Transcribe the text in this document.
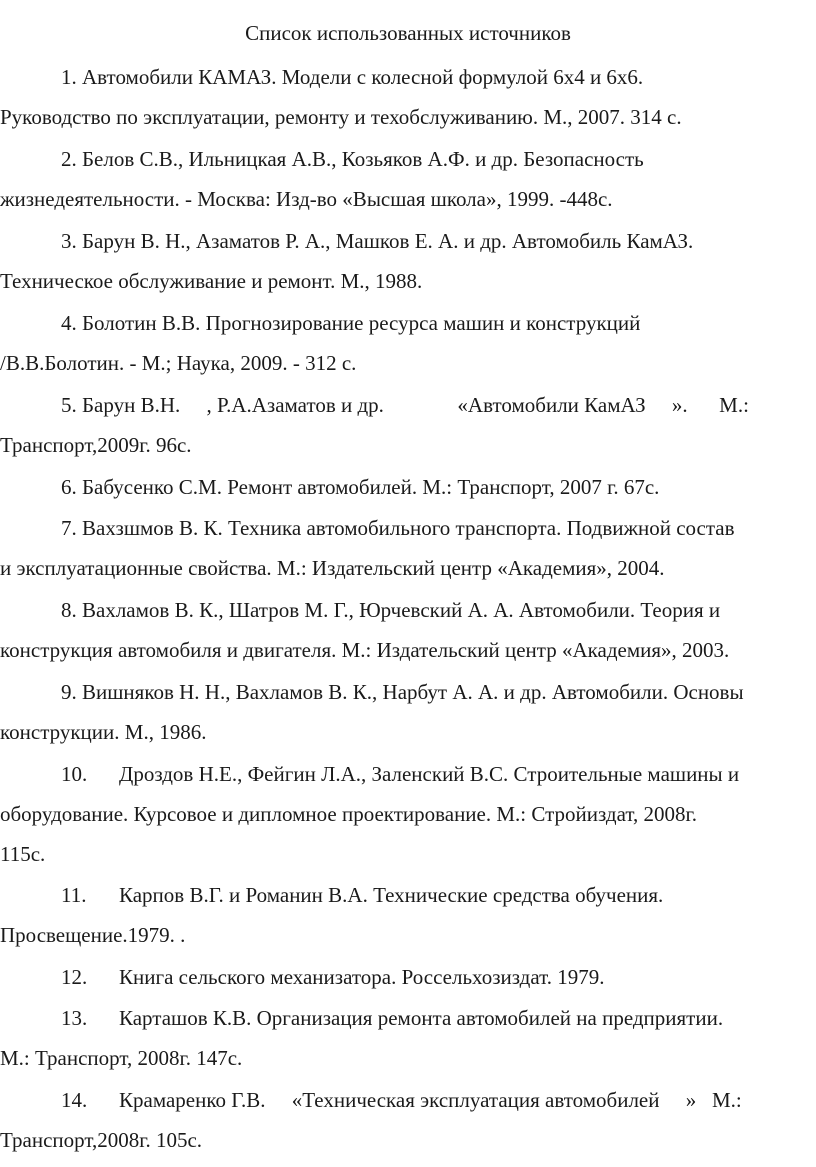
Список использованных источников
1. Автомобили КАМАЗ. Модели с колесной формулой 6х4 и 6х6.
Руководство по эксплуатации, ремонту и техобслуживанию. М., 2007. 314 с.
2. Белов С.В., Ильницкая А.В., Козьяков А.Ф. и др. Безопасность
жизнедеятельности. - Москва: Изд-во «Высшая школа», 1999. -448с.
3. Барун В. Н., Азаматов Р. А., Машков Е. А. и др. Автомобиль КамАЗ.
Техническое обслуживание и ремонт. М., 1988.
4. Болотин В.В. Прогнозирование ресурса машин и конструкций
/В.В.Болотин. - М.; Наука, 2009. - 312 с.
5. Барун В.Н.     , Р.А.Азаматов и др.              «Автомобили КамАЗ     ».      М.:
Транспорт,2009г. 96с.
6. Бабусенко С.М. Ремонт автомобилей. М.: Транспорт, 2007 г. 67с.
7. Вахзшмов В. К. Техника автомобильного транспорта. Подвижной состав
и эксплуатационные свойства. М.: Издательский центр «Академия», 2004.
8. Вахламов В. К., Шатров М. Г., Юрчевский А. А. Автомобили. Теория и
конструкция автомобиля и двигателя. М.: Издательский центр «Академия», 2003.
9. Вишняков Н. Н., Вахламов В. К., Нарбут А. А. и др. Автомобили. Основы
конструкции. М., 1986.
10. Дроздов Н.Е., Фейгин Л.А., Заленский В.С. Строительные машины и
оборудование. Курсовое и дипломное проектирование. М.: Стройиздат, 2008г.
115с.
11. Карпов В.Г. и Романин В.А. Технические средства обучения.
Просвещение.1979. .
12. Книга сельского механизатора. Россельхозиздат. 1979.
13. Карташов К.В. Организация ремонта автомобилей на предприятии.
М.: Транспорт, 2008г. 147с.
14. Крамаренко Г.В.     «Техническая эксплуатация автомобилей     »   М.:
Транспорт,2008г. 105с.
